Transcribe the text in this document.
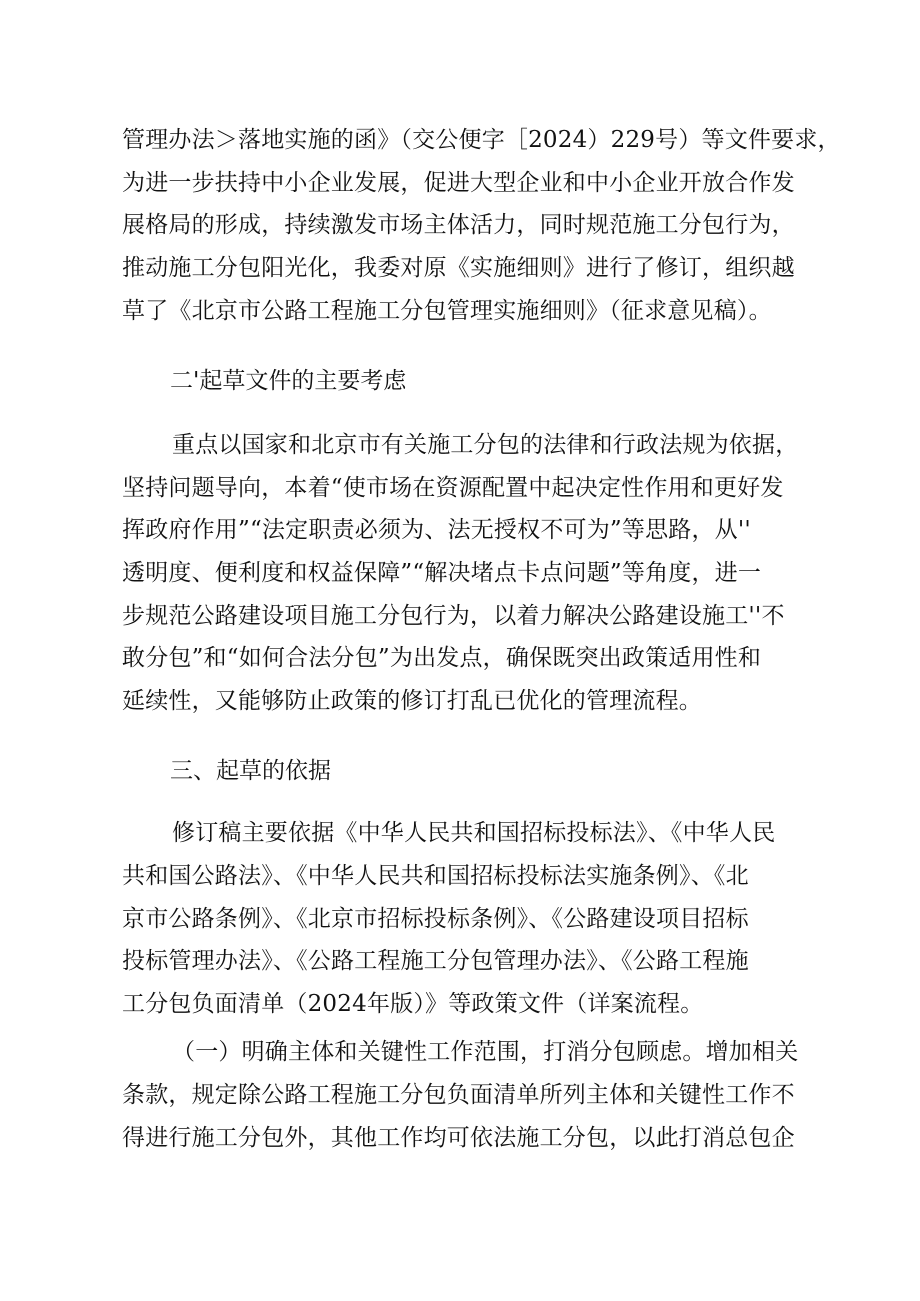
管理办法＞落地实施的函》（交公便字［2024）229号）等文件要求，
为进一步扶持中小企业发展，促进大型企业和中小企业开放合作发
展格局的形成，持续激发市场主体活力，同时规范施工分包行为，
推动施工分包阳光化，我委对原《实施细则》进行了修订，组织越
草了《北京市公路工程施工分包管理实施细则》（征求意见稿）。
二'起草文件的主要考虑
重点以国家和北京市有关施工分包的法律和行政法规为依据，
坚持问题导向，本着“使市场在资源配置中起决定性作用和更好发
挥政府作用”“法定职责必须为、法无授权不可为”等思路，从''
透明度、便利度和权益保障”“解决堵点卡点问题”等角度，进一
步规范公路建设项目施工分包行为，以着力解决公路建设施工''不
敢分包”和“如何合法分包”为出发点，确保既突出政策适用性和
延续性，又能够防止政策的修订打乱已优化的管理流程。
三、起草的依据
修订稿主要依据《中华人民共和国招标投标法》、《中华人民
共和国公路法》、《中华人民共和国招标投标法实施条例》、《北
京市公路条例》、《北京市招标投标条例》、《公路建设项目招标
投标管理办法》、《公路工程施工分包管理办法》、《公路工程施
工分包负面清单（2024年版）》等政策文件（详案流程。
（一）明确主体和关键性工作范围，打消分包顾虑。增加相关
条款，规定除公路工程施工分包负面清单所列主体和关键性工作不
得进行施工分包外，其他工作均可依法施工分包，以此打消总包企
